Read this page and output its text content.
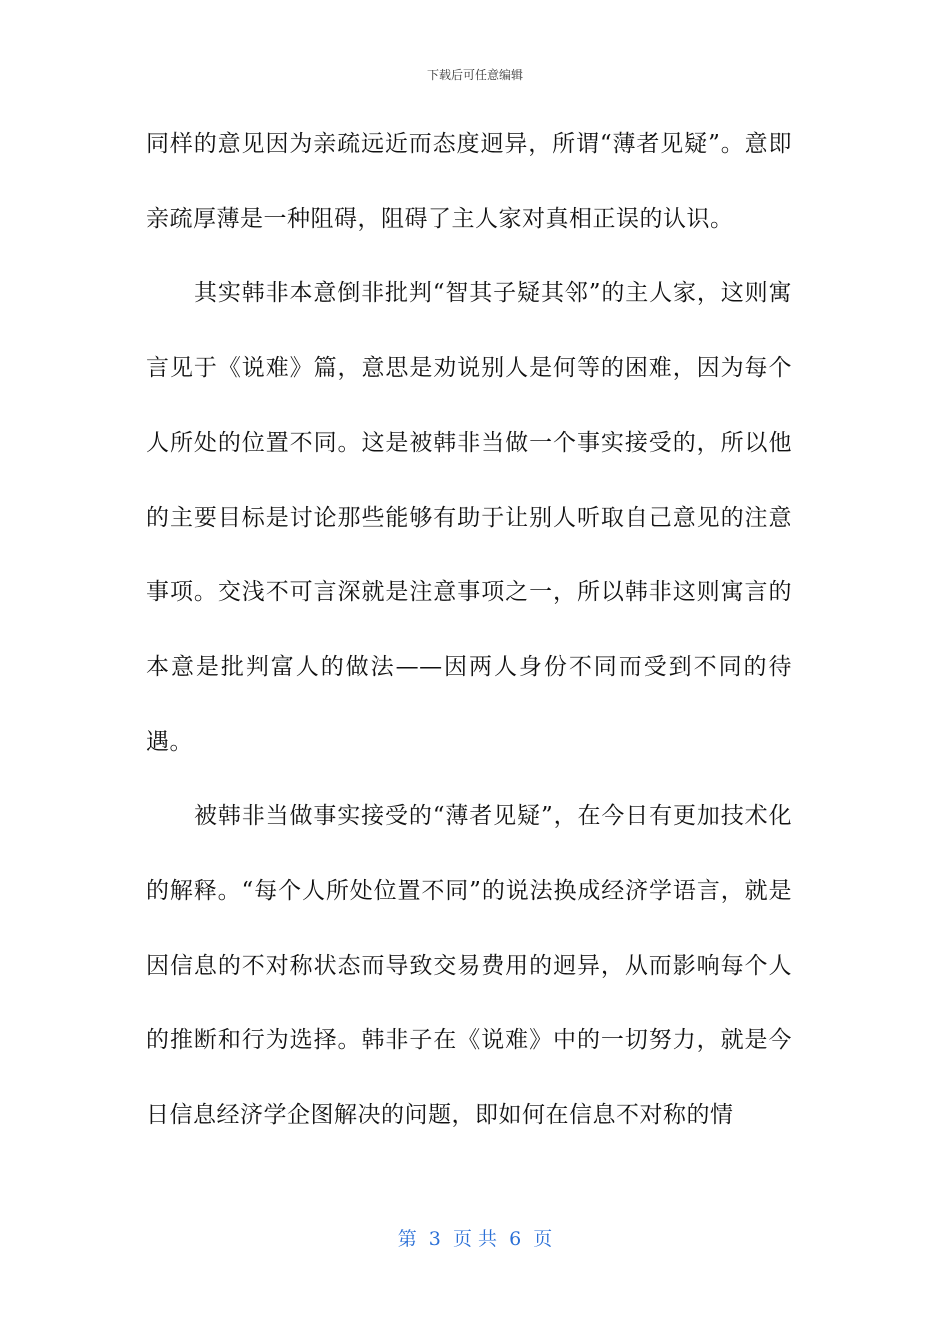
下载后可任意编辑

同样的意见因为亲疏远近而态度迥异，所谓“薄者见疑”。意即亲疏厚薄是一种阻碍，阻碍了主人家对真相正误的认识。

其实韩非本意倒非批判“智其子疑其邻”的主人家，这则寓言见于《说难》篇，意思是劝说别人是何等的困难，因为每个人所处的位置不同。这是被韩非当做一个事实接受的，所以他的主要目标是讨论那些能够有助于让别人听取自己意见的注意事项。交浅不可言深就是注意事项之一，所以韩非这则寓言的本意是批判富人的做法——因两人身份不同而受到不同的待遇。

被韩非当做事实接受的“薄者见疑”，在今日有更加技术化的解释。“每个人所处位置不同”的说法换成经济学语言，就是因信息的不对称状态而导致交易费用的迥异，从而影响每个人的推断和行为选择。韩非子在《说难》中的一切努力，就是今日信息经济学企图解决的问题，即如何在信息不对称的情

第  3  页 共  6  页
